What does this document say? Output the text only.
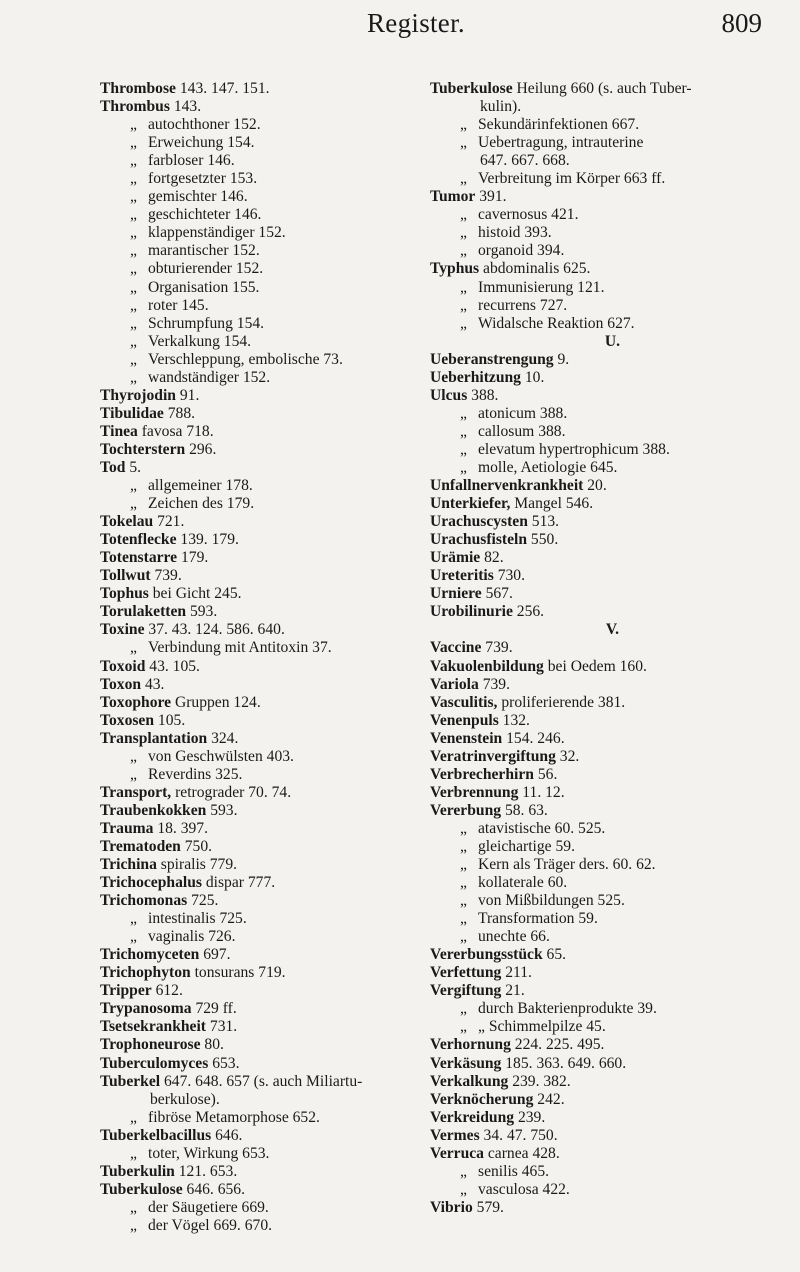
Register.	809
Thrombose 143. 147. 151.
Thrombus 143.
„ autochthoner 152.
„ Erweichung 154.
„ farbloser 146.
„ fortgesetzter 153.
„ gemischter 146.
„ geschichteter 146.
„ klappenständiger 152.
„ marantischer 152.
„ obturierender 152.
„ Organisation 155.
„ roter 145.
„ Schrumpfung 154.
„ Verkalkung 154.
„ Verschleppung, embolische 73.
„ wandständiger 152.
Thyrojodin 91.
Tibulidae 788.
Tinea favosa 718.
Tochterstern 296.
Tod 5.
„ allgemeiner 178.
„ Zeichen des 179.
Tokelau 721.
Totenflecke 139. 179.
Totenstarre 179.
Tollwut 739.
Tophus bei Gicht 245.
Torulaketten 593.
Toxine 37. 43. 124. 586. 640.
„ Verbindung mit Antitoxin 37.
Toxoid 43. 105.
Toxon 43.
Toxophore Gruppen 124.
Toxosen 105.
Transplantation 324.
„ von Geschwülsten 403.
„ Reverdins 325.
Transport, retrograder 70. 74.
Traubenkokken 593.
Trauma 18. 397.
Trematoden 750.
Trichina spiralis 779.
Trichocephalus dispar 777.
Trichomonas 725.
„ intestinalis 725.
„ vaginalis 726.
Trichomyceten 697.
Trichophyton tonsurans 719.
Tripper 612.
Trypanosoma 729 ff.
Tsetsekrankheit 731.
Trophoneurose 80.
Tuberculomyces 653.
Tuberkel 647. 648. 657 (s. auch Miliartu-
berkulose).
„ fibröse Metamorphose 652.
Tuberkelbacillus 646.
„ toter, Wirkung 653.
Tuberkulin 121. 653.
Tuberkulose 646. 656.
„ der Säugetiere 669.
„ der Vögel 669. 670.
Tuberkulose Heilung 660 (s. auch Tuber-
kulin).
„ Sekundärinfektionen 667.
„ Uebertragung, intrauterine
647. 667. 668.
„ Verbreitung im Körper 663 ff.
Tumor 391.
„ cavernosus 421.
„ histoid 393.
„ organoid 394.
Typhus abdominalis 625.
„ Immunisierung 121.
„ recurrens 727.
„ Widalsche Reaktion 627.
U.
Ueberanstrengung 9.
Ueberhitzung 10.
Ulcus 388.
„ atonicum 388.
„ callosum 388.
„ elevatum hypertrophicum 388.
„ molle, Aetiologie 645.
Unfallnervenkrankheit 20.
Unterkiefer, Mangel 546.
Urachuscysten 513.
Urachusfisteln 550.
Urämie 82.
Ureteritis 730.
Urniere 567.
Urobilinurie 256.
V.
Vaccine 739.
Vakuolenbildung bei Oedem 160.
Variola 739.
Vasculitis, proliferierende 381.
Venenpuls 132.
Venenstein 154. 246.
Veratrinvergiftung 32.
Verbrecherhirn 56.
Verbrennung 11. 12.
Vererbung 58. 63.
„ atavistische 60. 525.
„ gleichartige 59.
„ Kern als Träger ders. 60. 62.
„ kollaterale 60.
„ von Mißbildungen 525.
„ Transformation 59.
„ unechte 66.
Vererbungsstück 65.
Verfettung 211.
Vergiftung 21.
„ durch Bakterienprodukte 39.
„ „ Schimmelpilze 45.
Verhornung 224. 225. 495.
Verkäsung 185. 363. 649. 660.
Verkalkung 239. 382.
Verknöcherung 242.
Verkreidung 239.
Vermes 34. 47. 750.
Verruca carnea 428.
„ senilis 465.
„ vasculosa 422.
Vibrio 579.
